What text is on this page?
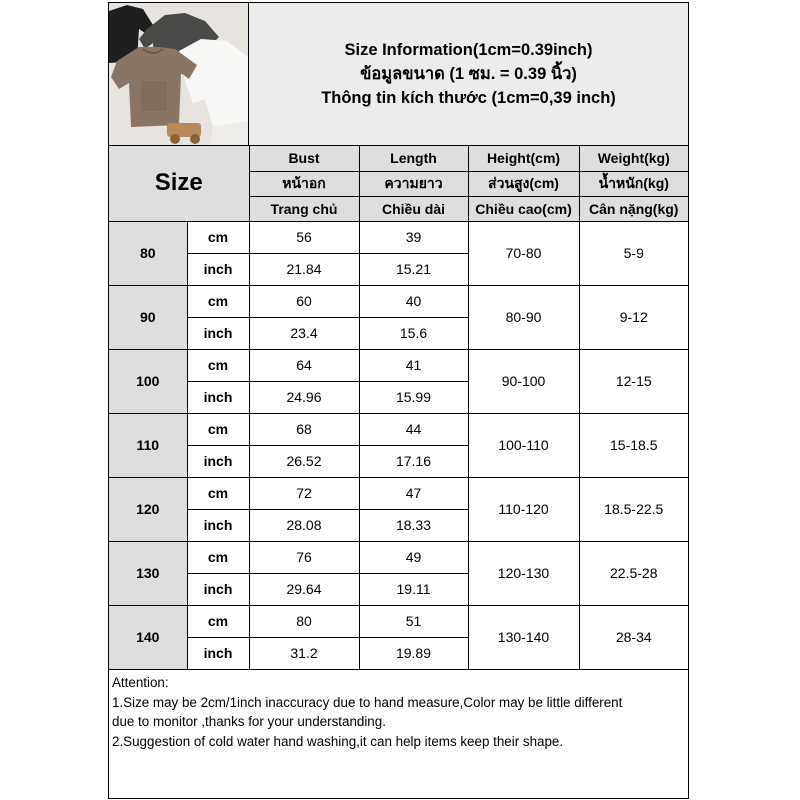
Size Information(1cm=0.39inch)
ข้อมูลขนาด (1 ซม. = 0.39 นิ้ว)
Thông tin kích thước (1cm=0,39 inch)
Size		Bust	Length	Height(cm)	Weight(kg)
		หน้าอก	ความยาว	ส่วนสูง(cm)	น้ำหนัก(kg)
		Trang chủ	Chiều dài	Chiều cao(cm)	Cân nặng(kg)
80	cm	56	39	70-80	5-9
	inch	21.84	15.21		
90	cm	60	40	80-90	9-12
	inch	23.4	15.6		
100	cm	64	41	90-100	12-15
	inch	24.96	15.99		
110	cm	68	44	100-110	15-18.5
	inch	26.52	17.16		
120	cm	72	47	110-120	18.5-22.5
	inch	28.08	18.33		
130	cm	76	49	120-130	22.5-28
	inch	29.64	19.11		
140	cm	80	51	130-140	28-34
	inch	31.2	19.89		
Attention:
1.Size may be 2cm/1inch inaccuracy due to hand measure,Color may be little different
due to monitor ,thanks for your understanding.
2.Suggestion of cold water hand washing,it can help items keep their shape.
